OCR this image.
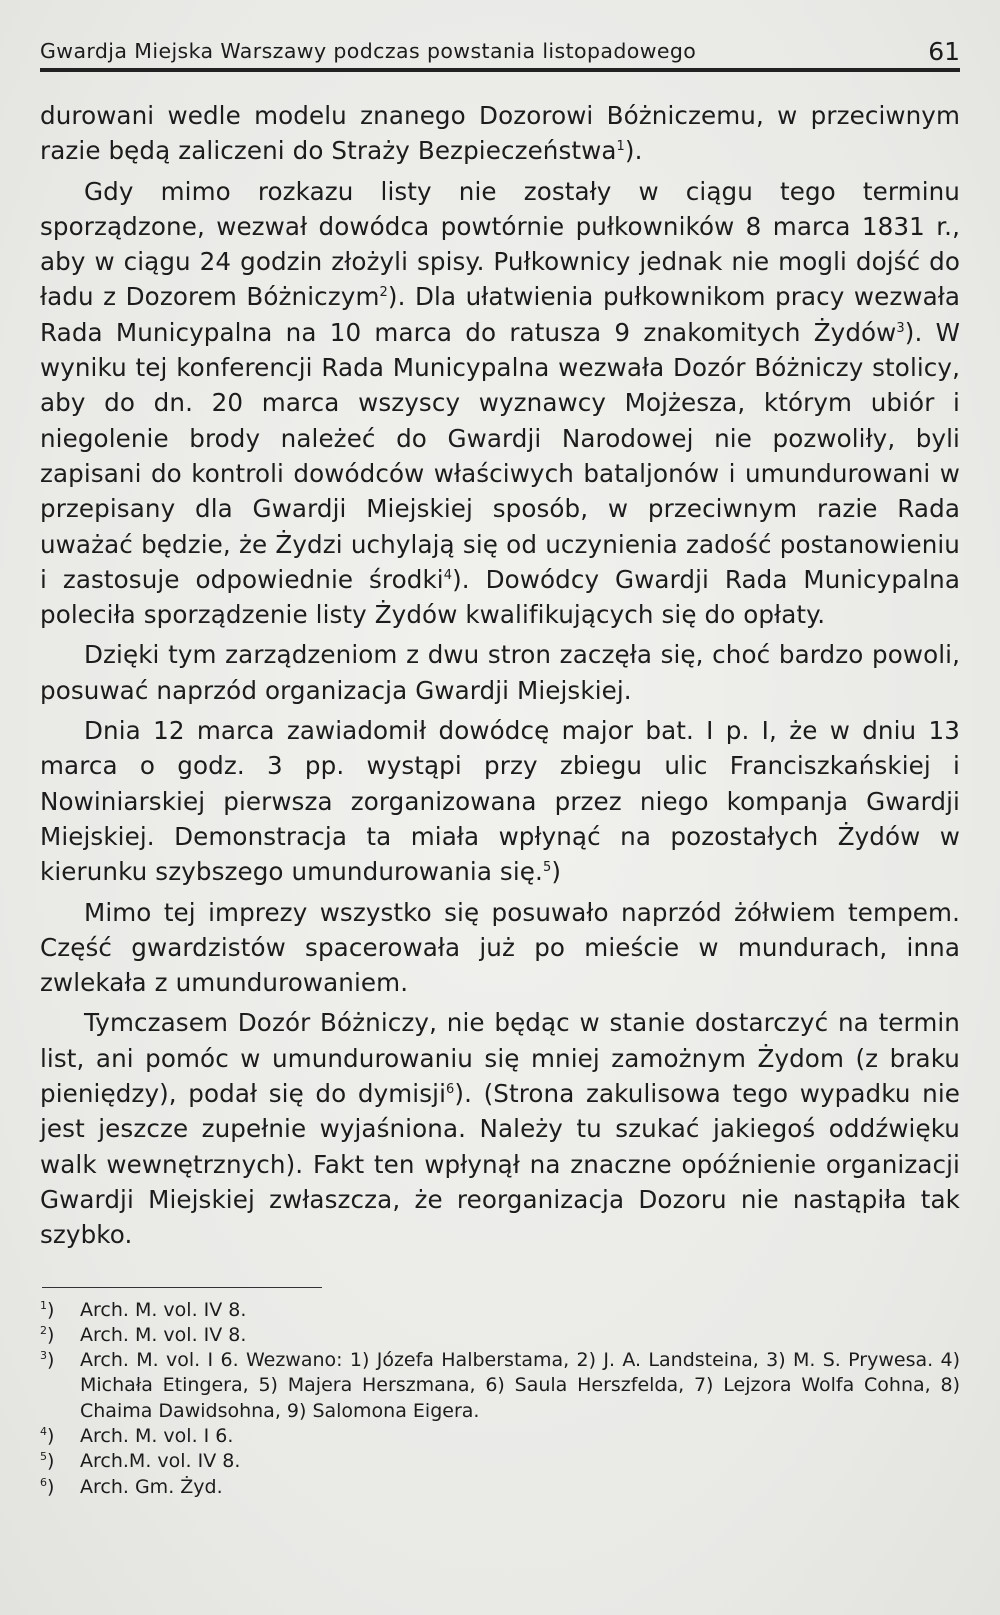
Gwardja Miejska Warszawy podczas powstania listopadowego	61

durowani wedle modelu znanego Dozorowi Bóżniczemu, w przeciwnym razie będą zaliczeni do Straży Bezpieczeństwa$^1$).

Gdy mimo rozkazu listy nie zostały w ciągu tego terminu sporządzone, wezwał dowódca powtórnie pułkowników 8 marca 1831 r., aby w ciągu 24 godzin złożyli spisy. Pułkownicy jednak nie mogli dojść do ładu z Dozorem Bóżniczym$^2$). Dla ułatwienia pułkownikom pracy wezwała Rada Municypalna na 10 marca do ratusza 9 znakomitych Żydów$^3$). W wyniku tej konferencji Rada Municypalna wezwała Dozór Bóżniczy stolicy, aby do dn. 20 marca wszyscy wyznawcy Mojżesza, którym ubiór i niegolenie brody należeć do Gwardji Narodowej nie pozwoliły, byli zapisani do kontroli dowódców właściwych bataljonów i umundurowani w przepisany dla Gwardji Miejskiej sposób, w przeciwnym razie Rada uważać będzie, że Żydzi uchylają się od uczynienia zadość postanowieniu i zastosuje odpowiednie środki$^4$). Dowódcy Gwardji Rada Municypalna poleciła sporządzenie listy Żydów kwalifikujących się do opłaty.

Dzięki tym zarządzeniom z dwu stron zaczęła się, choć bardzo powoli, posuwać naprzód organizacja Gwardji Miejskiej.

Dnia 12 marca zawiadomił dowódcę major bat. I p. I, że w dniu 13 marca o godz. 3 pp. wystąpi przy zbiegu ulic Franciszkańskiej i Nowiniarskiej pierwsza zorganizowana przez niego kompanja Gwardji Miejskiej. Demonstracja ta miała wpłynąć na pozostałych Żydów w kierunku szybszego umundurowania się.$^5$)

Mimo tej imprezy wszystko się posuwało naprzód żółwiem tempem. Część gwardzistów spacerowała już po mieście w mundurach, inna zwlekała z umundurowaniem.

Tymczasem Dozór Bóżniczy, nie będąc w stanie dostarczyć na termin list, ani pomóc w umundurowaniu się mniej zamożnym Żydom (z braku pieniędzy), podał się do dymisji$^6$). (Strona zakulisowa tego wypadku nie jest jeszcze zupełnie wyjaśniona. Należy tu szukać jakiegoś oddźwięku walk wewnętrznych). Fakt ten wpłynął na znaczne opóźnienie organizacji Gwardji Miejskiej zwłaszcza, że reorganizacja Dozoru nie nastąpiła tak szybko.

$^1$)	Arch. M. vol. IV 8.
$^2$)	Arch. M. vol. IV 8.
$^3$)	Arch. M. vol. I 6. Wezwano: 1) Józefa Halberstama, 2) J. A. Landsteina, 3) M. S. Prywesa. 4) Michała Etingera, 5) Majera Herszmana, 6) Saula Herszfelda, 7) Lejzora Wolfa Cohna, 8) Chaima Dawidsohna, 9) Salomona Eigera.
$^4$)	Arch. M. vol. I 6.
$^5$)	Arch.M. vol. IV 8.
$^6$)	Arch. Gm. Żyd.
